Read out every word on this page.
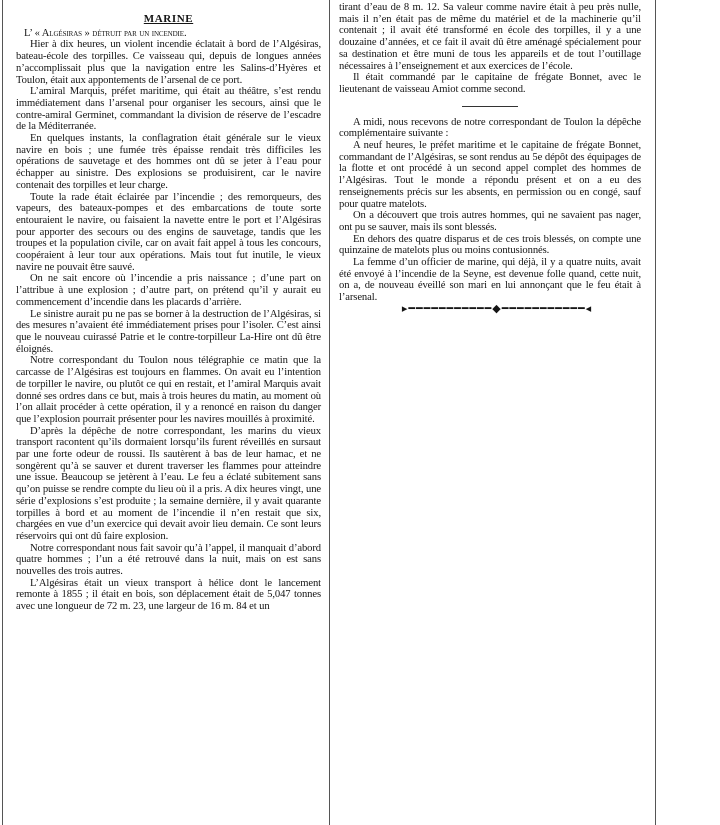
MARINE

L’ « Algésiras » détruit par un incendie.

Hier à dix heures, un violent incendie éclatait à bord de l’Algésiras, bateau-école des torpilles. Ce vaisseau qui, depuis de longues années n’accomplissait plus que la navigation entre les Salins-d’Hyères et Toulon, était aux appontements de l’arsenal de ce port.

L’amiral Marquis, préfet maritime, qui était au théâtre, s’est rendu immédiatement dans l’arsenal pour organiser les secours, ainsi que le contre-amiral Germinet, commandant la division de réserve de l’escadre de la Méditerranée.

En quelques instants, la conflagration était générale sur le vieux navire en bois ; une fumée très épaisse rendait très difficiles les opérations de sauvetage et des hommes ont dû se jeter à l’eau pour échapper au sinistre. Des explosions se produisirent, car le navire contenait des torpilles et leur charge.

Toute la rade était éclairée par l’incendie ; des remorqueurs, des vapeurs, des bateaux-pompes et des embarcations de toute sorte entouraient le navire, ou faisaient la navette entre le port et l’Algésiras pour apporter des secours ou des engins de sauvetage, tandis que les troupes et la population civile, car on avait fait appel à tous les concours, coopéraient à leur tour aux opérations. Mais tout fut inutile, le vieux navire ne pouvait être sauvé.

On ne sait encore où l’incendie a pris naissance ; d’une part on l’attribue à une explosion ; d’autre part, on prétend qu’il y aurait eu commencement d’incendie dans les placards d’arrière.

Le sinistre aurait pu ne pas se borner à la destruction de l’Algésiras, si des mesures n’avaient été immédiatement prises pour l’isoler. C’est ainsi que le nouveau cuirassé Patrie et le contre-torpilleur La-Hire ont dû être éloignés.

Notre correspondant du Toulon nous télégraphie ce matin que la carcasse de l’Algésiras est toujours en flammes. On avait eu l’intention de torpiller le navire, ou plutôt ce qui en restait, et l’amiral Marquis avait donné ses ordres dans ce but, mais à trois heures du matin, au moment où l’on allait procéder à cette opération, il y a renoncé en raison du danger que l’explosion pourrait présenter pour les navires mouillés à proximité.

D’après la dépêche de notre correspondant, les marins du vieux transport racontent qu’ils dormaient lorsqu’ils furent réveillés en sursaut par une forte odeur de roussi. Ils sautèrent à bas de leur hamac, et ne songèrent qu’à se sauver et durent traverser les flammes pour atteindre une issue. Beaucoup se jetèrent à l’eau. Le feu a éclaté subitement sans qu’on puisse se rendre compte du lieu où il a pris. A dix heures vingt, une série d’explosions s’est produite ; la semaine dernière, il y avait quarante torpilles à bord et au moment de l’incendie il n’en restait que six, chargées en vue d’un exercice qui devait avoir lieu demain. Ce sont leurs réservoirs qui ont dû faire explosion.

Notre correspondant nous fait savoir qu’à l’appel, il manquait d’abord quatre hommes ; l’un a été retrouvé dans la nuit, mais on est sans nouvelles des trois autres.

L’Algésiras était un vieux transport à hélice dont le lancement remonte à 1855 ; il était en bois, son déplacement était de 5,047 tonnes avec une longueur de 72 m. 23, une largeur de 16 m. 84 et un

tirant d’eau de 8 m. 12. Sa valeur comme navire était à peu près nulle, mais il n’en était pas de même du matériel et de la machinerie qu’il contenait ; il avait été transformé en école des torpilles, il y a une douzaine d’années, et ce fait il avait dû être aménagé spécialement pour sa destination et être muni de tous les appareils et de tout l’outillage nécessaires à l’enseignement et aux exercices de l’école.

Il était commandé par le capitaine de frégate Bonnet, avec le lieutenant de vaisseau Amiot comme second.

A midi, nous recevons de notre correspondant de Toulon la dépêche complémentaire suivante :

A neuf heures, le préfet maritime et le capitaine de frégate Bonnet, commandant de l’Algésiras, se sont rendus au 5e dépôt des équipages de la flotte et ont procédé à un second appel complet des hommes de l’Algésiras. Tout le monde a répondu présent et on a eu des renseignements précis sur les absents, en permission ou en congé, sauf pour quatre matelots.

On a découvert que trois autres hommes, qui ne savaient pas nager, ont pu se sauver, mais ils sont blessés.

En dehors des quatre disparus et de ces trois blessés, on compte une quinzaine de matelots plus ou moins contusionnés.

La femme d’un officier de marine, qui déjà, il y a quatre nuits, avait été envoyé à l’incendie de la Seyne, est devenue folle quand, cette nuit, on a, de nouveau éveillé son mari en lui annonçant que le feu était à l’arsenal.

▸━━━━━━━━━━━◆━━━━━━━━━━━◂
